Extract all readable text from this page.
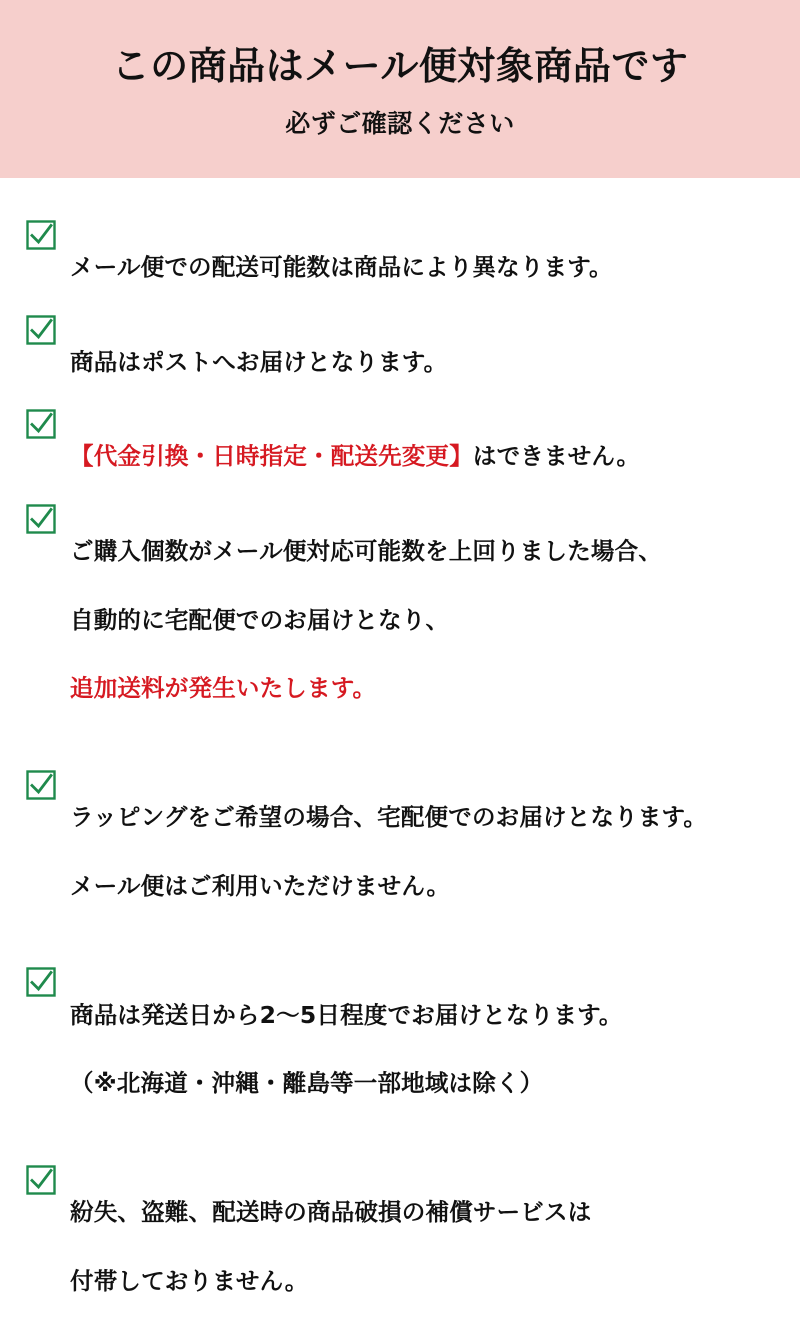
この商品はメール便対象商品です
必ずご確認ください

メール便での配送可能数は商品により異なります。

商品はポストへお届けとなります。

【代金引換・日時指定・配送先変更】はできません。

ご購入個数がメール便対応可能数を上回りました場合、

自動的に宅配便でのお届けとなり、

追加送料が発生いたします。

ラッピングをご希望の場合、宅配便でのお届けとなります。

メール便はご利用いただけません。

商品は発送日から2〜5日程度でお届けとなります。

（※北海道・沖縄・離島等一部地域は除く）

紛失、盗難、配送時の商品破損の補償サービスは

付帯しておりません。
